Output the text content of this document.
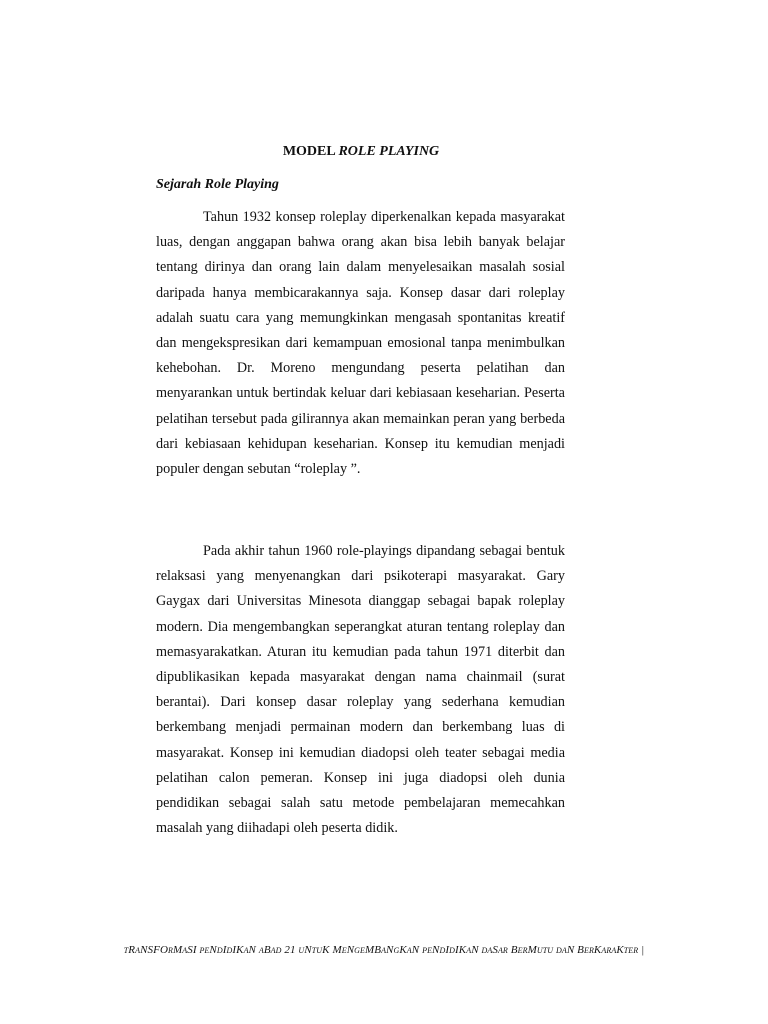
MODEL ROLE PLAYING
Sejarah Role Playing

Tahun 1932 konsep roleplay diperkenalkan kepada masyarakat luas, dengan anggapan bahwa orang akan bisa lebih banyak belajar tentang dirinya dan orang lain dalam menyelesaikan masalah sosial daripada hanya membicarakannya saja. Konsep dasar dari roleplay adalah suatu cara yang memungkinkan mengasah spontanitas kreatif dan mengekspresikan dari kemampuan emosional tanpa menimbulkan kehebohan. Dr. Moreno mengundang peserta pelatihan dan menyarankan untuk bertindak keluar dari kebiasaan keseharian. Peserta pelatihan tersebut pada gilirannya akan memainkan peran yang berbeda dari kebiasaan kehidupan keseharian. Konsep itu kemudian menjadi populer dengan sebutan “roleplay ”.

Pada akhir tahun 1960 role-playings dipandang sebagai bentuk relaksasi yang menyenangkan dari psikoterapi masyarakat. Gary Gaygax dari Universitas Minesota dianggap sebagai bapak roleplay modern. Dia mengembangkan seperangkat aturan tentang roleplay dan memasyarakatkan. Aturan itu kemudian pada tahun 1971 diterbit dan dipublikasikan kepada masyarakat dengan nama chainmail (surat berantai). Dari konsep dasar roleplay yang sederhana kemudian berkembang menjadi permainan modern dan berkembang luas di masyarakat. Konsep ini kemudian diadopsi oleh teater sebagai media pelatihan calon pemeran. Konsep ini juga diadopsi oleh dunia pendidikan sebagai salah satu metode pembelajaran memecahkan masalah yang diihadapi oleh peserta didik.

tRaNSFOrMaSI peNdIdIKaN aBad 21 uNtuK MeNgeMBaNgKaN peNdIdIKaN daSar BerMutu daN BerKaraKter |
